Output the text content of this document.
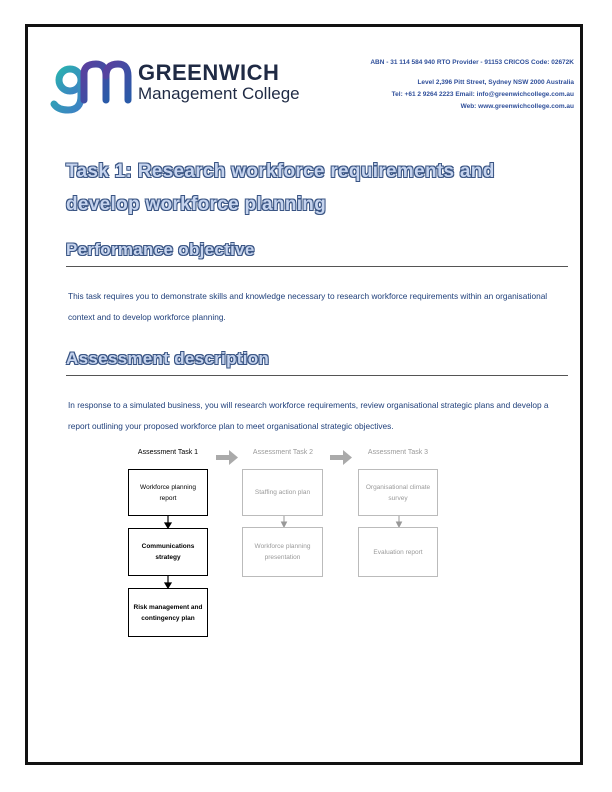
GREENWICH
Management College
ABN - 31 114 584 940 RTO Provider - 91153 CRICOS Code: 02672K
Level 2,396 Pitt Street, Sydney NSW 2000 Australia
Tel: +61 2 9264 2223 Email: info@greenwichcollege.com.au
Web: www.greenwichcollege.com.au
Task 1: Research workforce requirements and develop workforce planning
Performance objective
This task requires you to demonstrate skills and knowledge necessary to research workforce requirements within an organisational context and to develop workforce planning.
Assessment description
In response to a simulated business, you will research workforce requirements, review organisational strategic plans and develop a report outlining your proposed workforce plan to meet organisational strategic objectives.
Assessment Task 1	Assessment Task 2	Assessment Task 3
Workforce planning report
Communications strategy
Risk management and contingency plan
Staffing action plan
Workforce planning presentation
Organisational climate survey
Evaluation report
